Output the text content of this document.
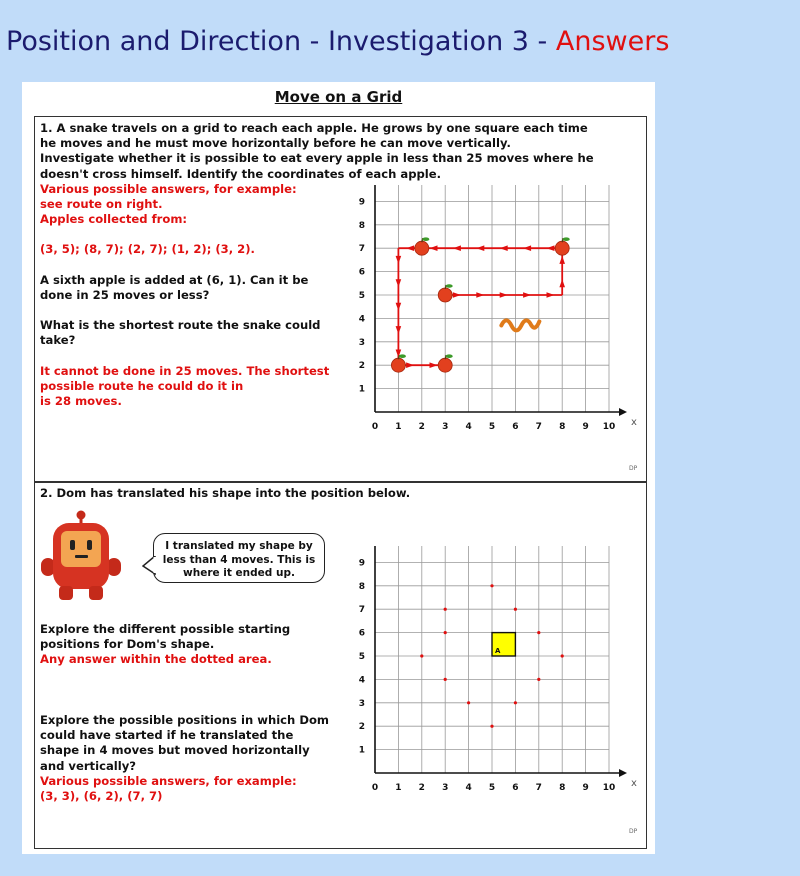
Position and Direction - Investigation 3 - Answers
Move on a Grid
1. A snake travels on a grid to reach each apple. He grows by one square each time
he moves and he must move horizontally before he can move vertically.
Investigate whether it is possible to eat every apple in less than 25 moves where he
doesn't cross himself. Identify the coordinates of each apple.
Various possible answers, for example:
see route on right.
Apples collected from:
(3, 5); (8, 7); (2, 7); (1, 2); (3, 2).
A sixth apple is added at (6, 1). Can it be
done in 25 moves or less?
What is the shortest route the snake could
take?
It cannot be done in 25 moves. The shortest
possible route he could do it in
is 28 moves.
DP
0 1
1
2
2
3
3
4
4
5
5
6
6
7
7
8
8
9
9
10 x
2. Dom has translated his shape into the position below.
I translated my shape by
less than 4 moves. This is
where it ended up.
Explore the different possible starting
positions for Dom's shape.
Any answer within the dotted area.
Explore the possible positions in which Dom
could have started if he translated the
shape in 4 moves but moved horizontally
and vertically?
Various possible answers, for example:
(3, 3), (6, 2), (7, 7)
0 1
1
2
2
3
3
4
4
5
5
6
6
7
7
8
8
9
9
10 x
A
DP
